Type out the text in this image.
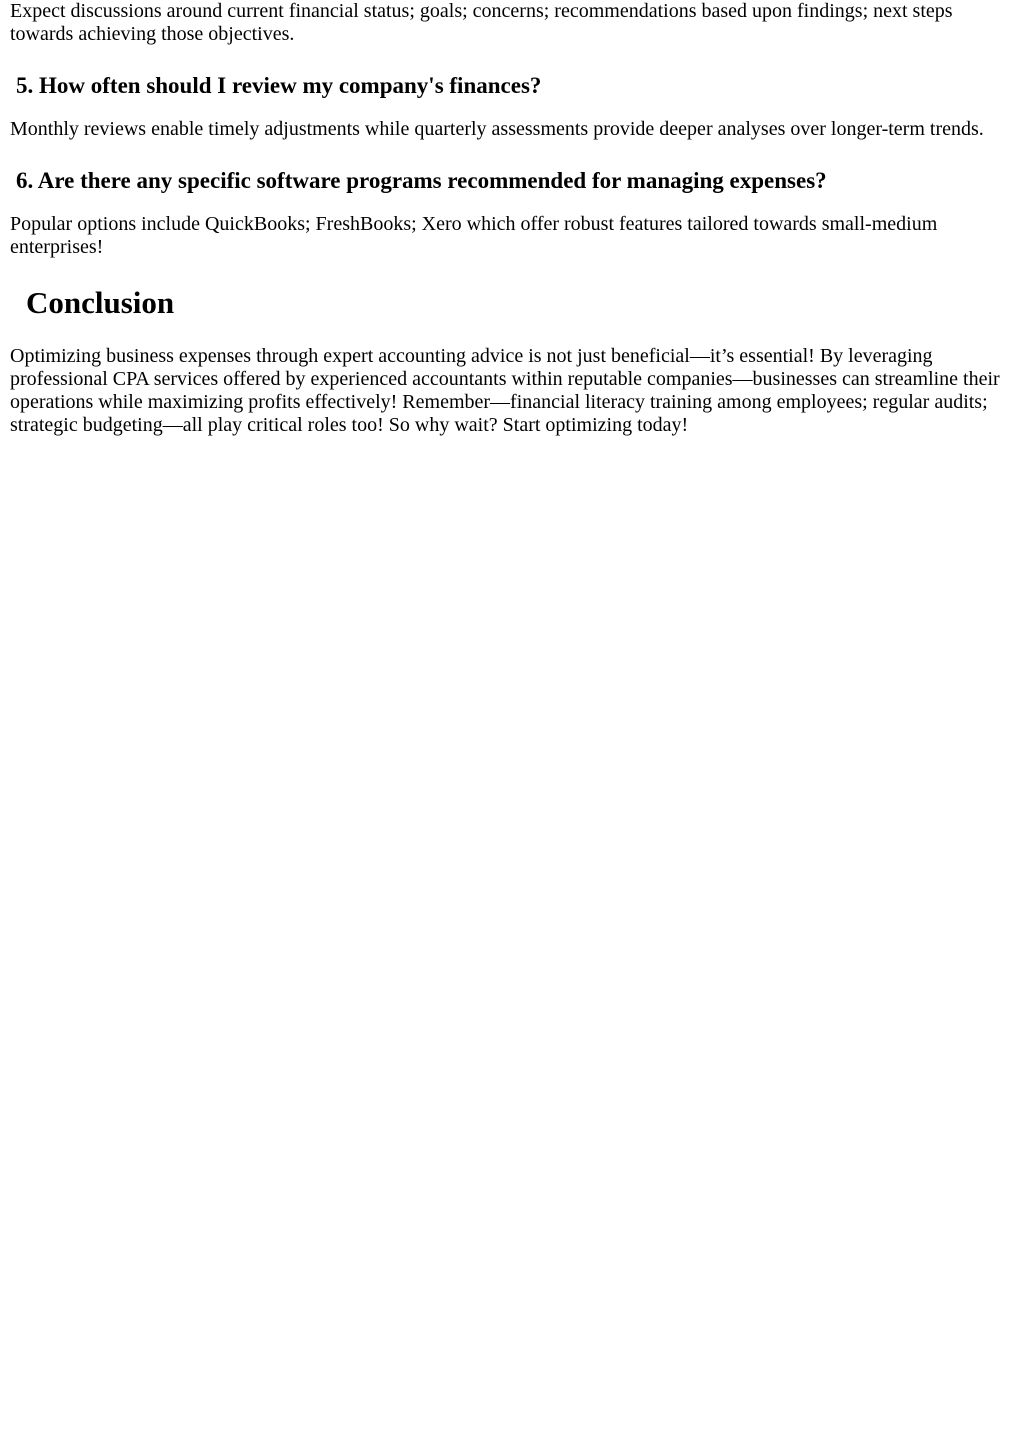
Expect discussions around current financial status; goals; concerns; recommendations based upon findings; next steps towards achieving those objectives.

5. How often should I review my company's finances?

Monthly reviews enable timely adjustments while quarterly assessments provide deeper analyses over longer-term trends.

6. Are there any specific software programs recommended for managing expenses?

Popular options include QuickBooks; FreshBooks; Xero which offer robust features tailored towards small-medium enterprises!

Conclusion

Optimizing business expenses through expert accounting advice is not just beneficial—it’s essential! By leveraging professional CPA services offered by experienced accountants within reputable companies—businesses can streamline their operations while maximizing profits effectively! Remember—financial literacy training among employees; regular audits; strategic budgeting—all play critical roles too! So why wait? Start optimizing today!
